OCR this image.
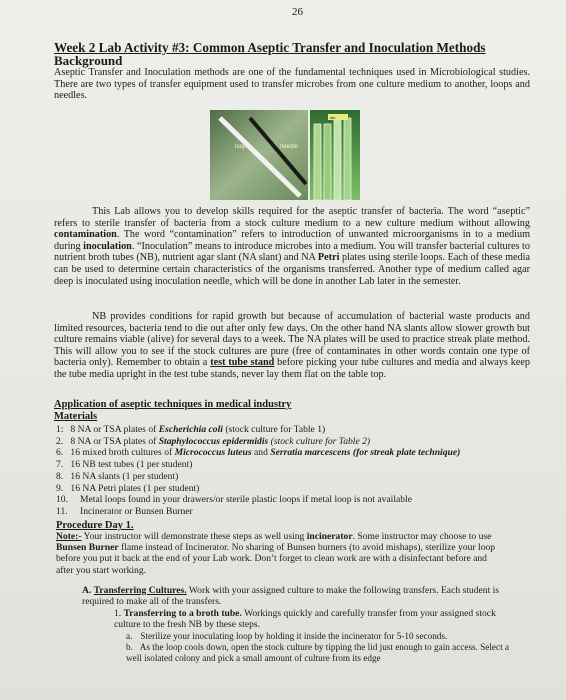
26
Week 2 Lab Activity #3: Common Aseptic Transfer and Inoculation Methods
Background
Aseptic Transfer and Inoculation methods are one of the fundamental techniques used in Microbiological studies. There are two types of transfer equipment used to transfer microbes from one culture medium to another, loops and needles.
loop	needle
lab
This Lab allows you to develop skills required for the aseptic transfer of bacteria. The word “aseptic” refers to sterile transfer of bacteria from a stock culture medium to a new culture medium without allowing contamination. The word “contamination” refers to introduction of unwanted microorganisms in to a medium during inoculation. “Inoculation” means to introduce microbes into a medium. You will transfer bacterial cultures to nutrient broth tubes (NB), nutrient agar slant (NA slant) and NA Petri plates using sterile loops. Each of these media can be used to determine certain characteristics of the organisms transferred. Another type of medium called agar deep is inoculated using inoculation needle, which will be done in another Lab later in the semester.
NB provides conditions for rapid growth but because of accumulation of bacterial waste products and limited resources, bacteria tend to die out after only few days. On the other hand NA slants allow slower growth but culture remains viable (alive) for several days to a week. The NA plates will be used to practice streak plate method. This will allow you to see if the stock cultures are pure (free of contaminates in other words contain one type of bacteria only). Remember to obtain a test tube stand before picking your tube cultures and media and always keep the tube media upright in the test tube stands, never lay them flat on the table top.
Application of aseptic techniques in medical industry
Materials
1: 8 NA or TSA plates of Escherichia coli (stock culture for Table 1)
2. 8 NA or TSA plates of Staphylococcus epidermidis (stock culture for Table 2)
6. 16 mixed broth cultures of Micrococcus luteus and Serratia marcescens (for streak plate technique)
7. 16 NB test tubes (1 per student)
8. 16 NA slants (1 per student)
9. 16 NA Petri plates (1 per student)
10. Metal loops found in your drawers/or sterile plastic loops if metal loop is not available
11. Incinerator or Bunsen Burner
Procedure Day 1.
Note:- Your instructor will demonstrate these steps as well using incinerator. Some instructor may choose to use Bunsen Burner flame instead of Incinerator. No sharing of Bunsen burners (to avoid mishaps), sterilize your loop before you put it back at the end of your Lab work. Don’t forget to clean work are with a disinfectant before and after you start working.
A. Transferring Cultures. Work with your assigned culture to make the following transfers. Each student is required to make all of the transfers.
1. Transferring to a broth tube. Workings quickly and carefully transfer from your assigned stock culture to the fresh NB by these steps.
a. Sterilize your inoculating loop by holding it inside the incinerator for 5-10 seconds.
b. As the loop cools down, open the stock culture by tipping the lid just enough to gain access. Select a well isolated colony and pick a small amount of culture from its edge
